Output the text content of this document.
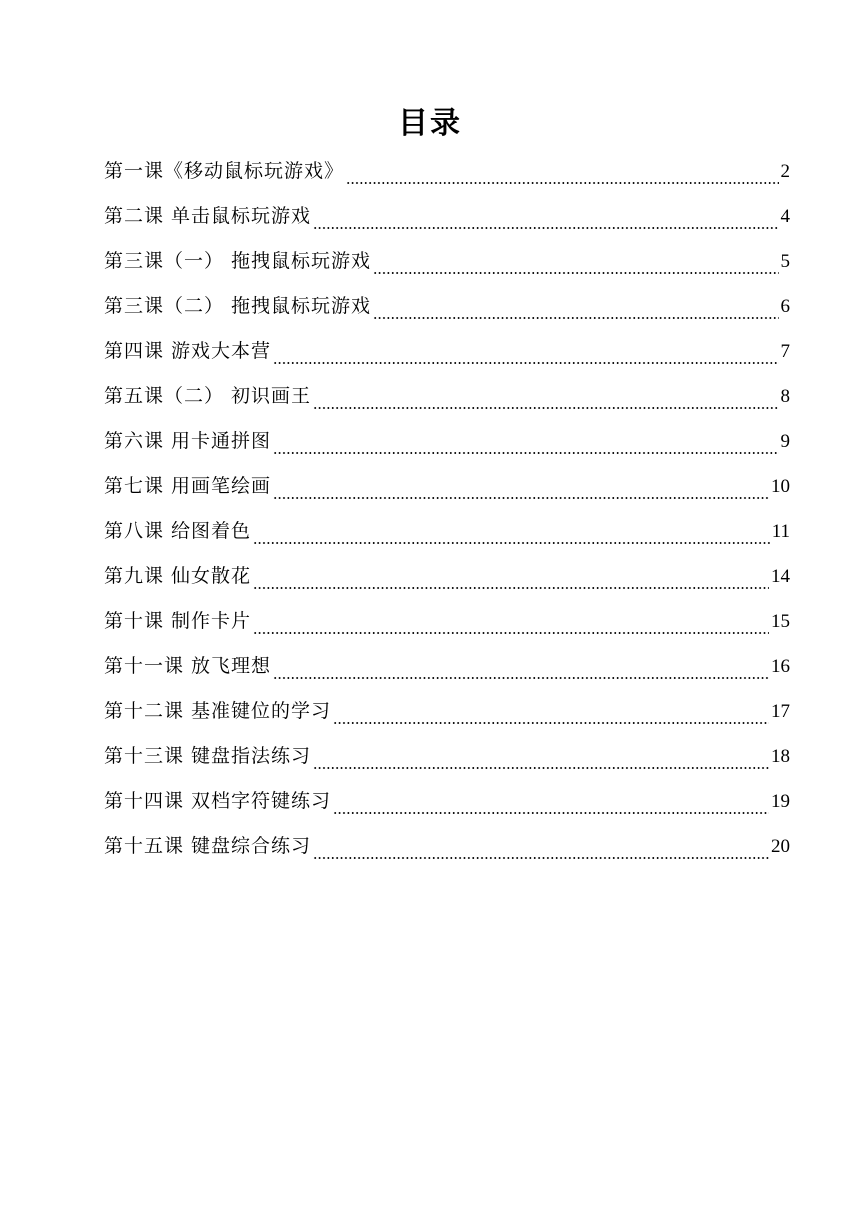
目录
第一课《移动鼠标玩游戏》	2
第二课 单击鼠标玩游戏	4
第三课（一） 拖拽鼠标玩游戏	5
第三课（二） 拖拽鼠标玩游戏	6
第四课 游戏大本营	7
第五课（二） 初识画王	8
第六课 用卡通拼图	9
第七课 用画笔绘画	10
第八课 给图着色	11
第九课 仙女散花	14
第十课 制作卡片	15
第十一课 放飞理想	16
第十二课 基准键位的学习	17
第十三课 键盘指法练习	18
第十四课 双档字符键练习	19
第十五课 键盘综合练习	20
